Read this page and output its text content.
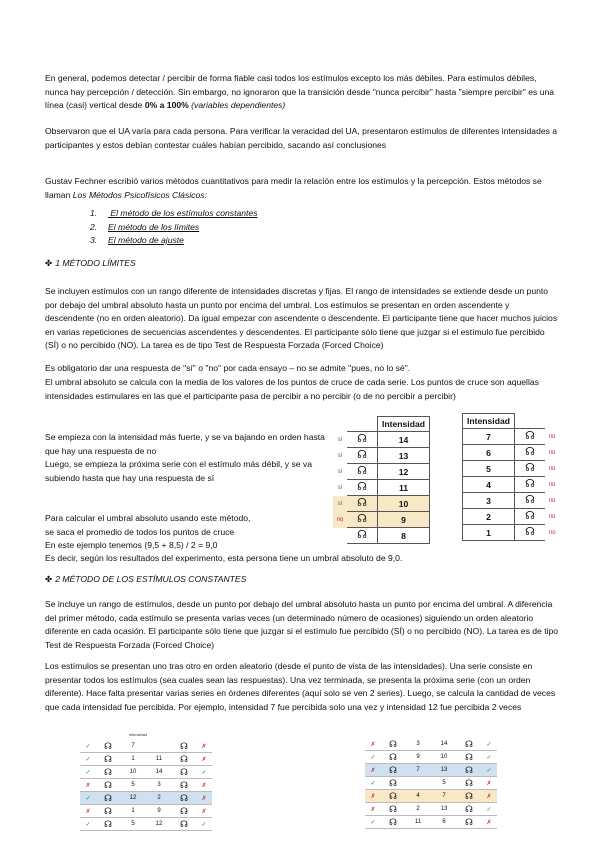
En general, podemos detectar / percibir de forma fiable casi todos los estímulos excepto los más débiles. Para estímulos débiles, nunca hay percepción / detección. Sin embargo, no ignoraron que la transición desde "nunca percibir" hasta "siempre percibir" es una línea (casi) vertical desde 0% a 100% (variables dependientes)

Observaron que el UA varía para cada persona. Para verificar la veracidad del UA, presentaron estímulos de diferentes intensidades a participantes y estos debían contestar cuáles habían percibido, sacando así conclusiones

Gustav Fechner escribió varios métodos cuantitativos para medir la relación entre los estímulos y la percepción. Estos métodos se llaman Los Métodos Psicofísicos Clásicos:

1. El método de los estímulos constantes
2. El método de los límites
3. El método de ajuste
✤ 1 MÉTODO LÍMITES

Se incluyen estímulos con un rango diferente de intensidades discretas y fijas. El rango de intensidades se extiende desde un punto por debajo del umbral absoluto hasta un punto por encima del umbral. Los estímulos se presentan en orden ascendente y descendente (no en orden aleatorio). Da igual empezar con ascendente o descendente. El participante tiene que hacer muchos juicios en varias repeticiones de secuencias ascendentes y descendentes. El participante sólo tiene que juzgar si el estímulo fue percibido (SÍ) o no percibido (NO). La tarea es de tipo Test de Respuesta Forzada (Forced Choice)

Es obligatorio dar una respuesta de "sí" o "no" por cada ensayo – no se admite "pues, no lo sé".

El umbral absoluto se calcula con la media de los valores de los puntos de cruce de cada serie. Los puntos de cruce son aquellas intensidades estimulares en las que el participante pasa de percibir a no percibir (o de no percibir a percibir)

Se empieza con la intensidad más fuerte, y se va bajando en orden hasta que hay una respuesta de no

Luego, se empieza la próxima serie con el estímulo más débil, y se va subiendo hasta que hay una respuesta de sí

Para calcular el umbral absoluto usando este método,

se saca el promedio de todos los puntos de cruce

En este ejemplo tenemos (9,5 + 8,5) / 2 = 9,0

Es decir, según los resultados del experimento, esta persona tiene un umbral absoluto de 9,0.

		Intensidad
sí	☊	14
sí	☊	13
sí	☊	12
sí	☊	11
sí	☊	10
no	☊	9
	☊	8
Intensidad		
7	☊	no
6	☊	no
5	☊	no
4	☊	no
3	☊	no
2	☊	no
1	☊	no
✤ 2 MÉTODO DE LOS ESTÍMULOS CONSTANTES

Se incluye un rango de estímulos, desde un punto por debajo del umbral absoluto hasta un punto por encima del umbral. A diferencia del primer método, cada estímulo se presenta varias veces (un determinado número de ocasiones) siguiendo un orden aleatorio diferente en cada ocasión. El participante sólo tiene que juzgar si el estímulo fue percibido (SÍ) o no percibido (NO). La tarea es de tipo Test de Respuesta Forzada (Forced Choice)

Los estímulos se presentan uno tras otro en orden aleatorio (desde el punto de vista de las intensidades). Una serie consiste en presentar todos los estímulos (sea cuales sean las respuestas). Una vez terminada, se presenta la próxima serie (con un orden diferente). Hace falta presentar varias series en órdenes diferentes (aquí solo se ven 2 series). Luego, se calcula la cantidad de veces que cada intensidad fue percibida. Por ejemplo, intensidad 7 fue percibida solo una vez y intensidad 12 fue percibida 2 veces

Intensidad
✓	☊	7		☊	✗
✓	☊	1	11	☊	✗
✓	☊	10	14	☊	✓
✗	☊	5	3	☊	✗
✓	☊	12	2	☊	✗
✗	☊	1	9	☊	✗
✓	☊	5	12	☊	✓
✗	☊	3	14	☊	✓
✓	☊	9	10	☊	✓
✗	☊	7	13	☊	✓
✓	☊		5	☊	✗
✗	☊	4	7	☊	✗
✗	☊	2	13	☊	✓
✓	☊	11	6	☊	✗
